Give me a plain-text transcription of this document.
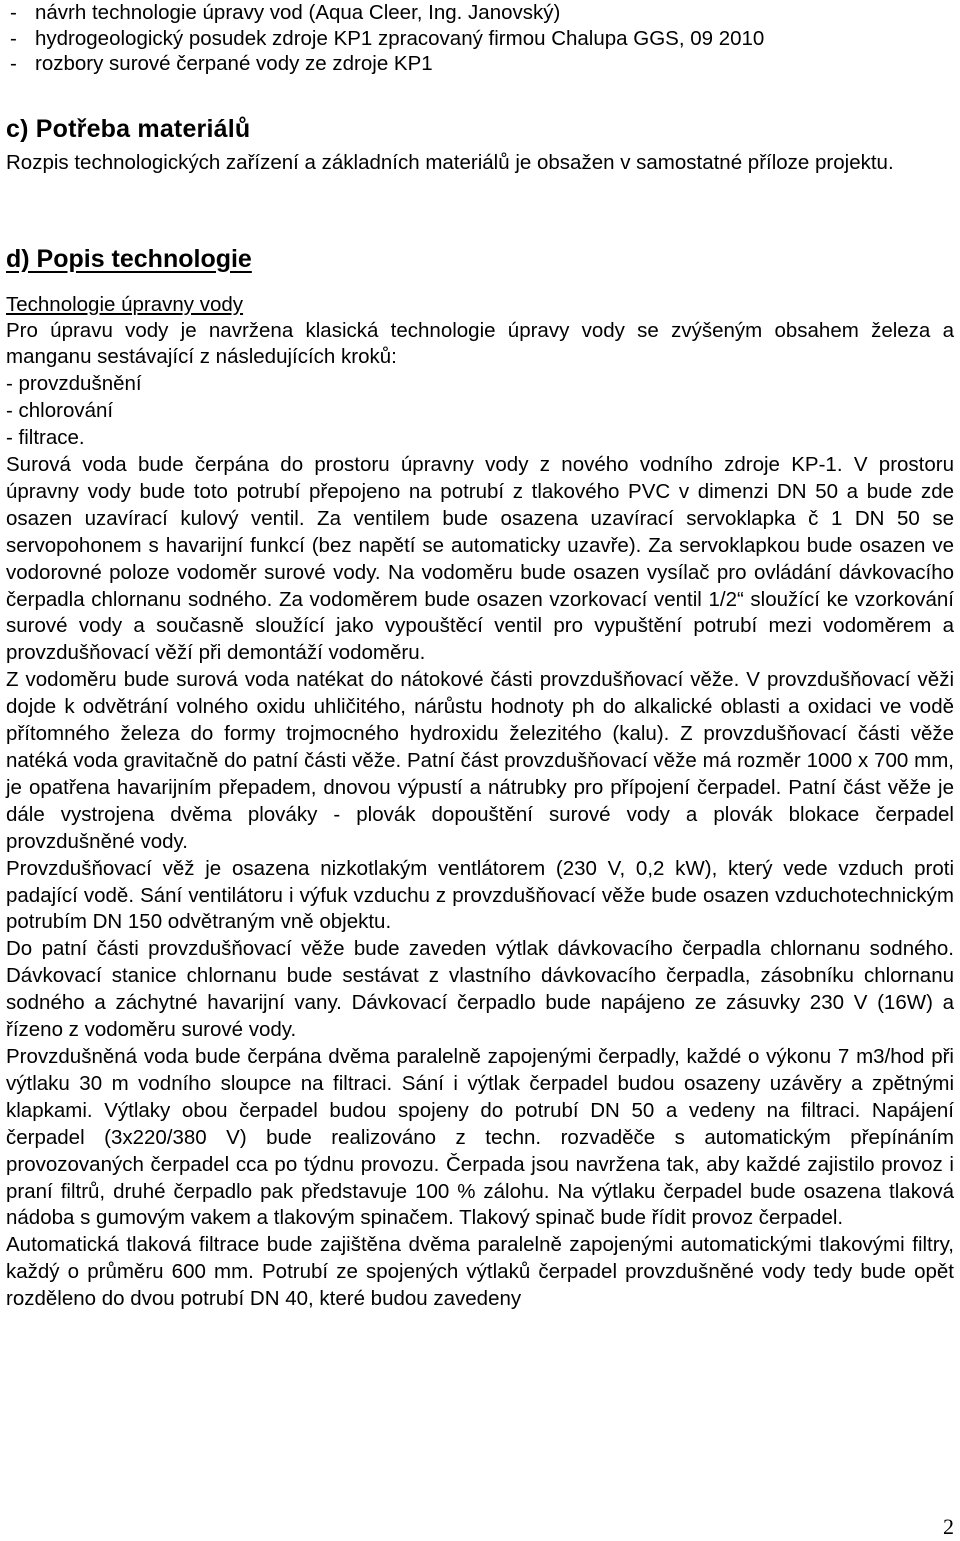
- návrh technologie úpravy vod (Aqua Cleer, Ing. Janovský)
- hydrogeologický posudek zdroje KP1 zpracovaný firmou Chalupa GGS, 09 2010
- rozbory surové čerpané vody ze zdroje KP1
c) Potřeba materiálů

Rozpis technologických zařízení a základních materiálů je obsažen v samostatné příloze projektu.

d) Popis technologie

Technologie úpravny vody

Pro úpravu vody je navržena klasická technologie úpravy vody se zvýšeným obsahem železa a manganu sestávající z následujících kroků:

- provzdušnění
- chlorování
- filtrace.

Surová voda bude čerpána do prostoru úpravny vody z nového vodního zdroje KP-1. V prostoru úpravny vody bude toto potrubí přepojeno na potrubí z tlakového PVC v dimenzi DN 50 a bude zde osazen uzavírací kulový ventil. Za ventilem bude osazena uzavírací servoklapka č 1 DN 50 se servopohonem s havarijní funkcí (bez napětí se automaticky uzavře). Za servoklapkou bude osazen ve vodorovné poloze vodoměr surové vody. Na vodoměru bude osazen vysílač pro ovládání dávkovacího čerpadla chlornanu sodného. Za vodoměrem bude osazen vzorkovací ventil 1/2“ sloužící ke vzorkování surové vody a současně sloužící jako vypouštěcí ventil pro vypuštění potrubí mezi vodoměrem a provzdušňovací věží při demontáží vodoměru.

Z vodoměru bude surová voda natékat do nátokové části provzdušňovací věže. V provzdušňovací věži dojde k odvětrání volného oxidu uhličitého, nárůstu hodnoty ph do alkalické oblasti a oxidaci ve vodě přítomného železa do formy trojmocného hydroxidu železitého (kalu). Z provzdušňovací části věže natéká voda gravitačně do patní části věže. Patní část provzdušňovací věže má rozměr 1000 x 700 mm, je opatřena havarijním přepadem, dnovou výpustí a nátrubky pro přípojení čerpadel. Patní část věže je dále vystrojena dvěma plováky - plovák dopouštění surové vody a plovák blokace čerpadel provzdušněné vody.

Provzdušňovací věž je osazena nizkotlakým ventlátorem (230 V, 0,2 kW), který vede vzduch proti padající vodě. Sání ventilátoru i výfuk vzduchu z provzdušňovací věže bude osazen vzduchotechnickým potrubím DN 150 odvětraným vně objektu.

Do patní části provzdušňovací věže bude zaveden výtlak dávkovacího čerpadla chlornanu sodného. Dávkovací stanice chlornanu bude sestávat z vlastního dávkovacího čerpadla, zásobníku chlornanu sodného a záchytné havarijní vany. Dávkovací čerpadlo bude napájeno ze zásuvky 230 V (16W) a řízeno z vodoměru surové vody.

Provzdušněná voda bude čerpána dvěma paralelně zapojenými čerpadly, každé o výkonu 7 m3/hod při výtlaku 30 m vodního sloupce na filtraci. Sání i výtlak čerpadel budou osazeny uzávěry a zpětnými klapkami. Výtlaky obou čerpadel budou spojeny do potrubí DN 50 a vedeny na filtraci. Napájení čerpadel (3x220/380 V) bude realizováno z techn. rozvaděče s automatickým přepínáním provozovaných čerpadel cca po týdnu provozu. Čerpada jsou navržena tak, aby každé zajistilo provoz i praní filtrů, druhé čerpadlo pak představuje 100 % zálohu. Na výtlaku čerpadel bude osazena tlaková nádoba s gumovým vakem a tlakovým spinačem. Tlakový spinač bude řídit provoz čerpadel.

Automatická tlaková filtrace bude zajištěna dvěma paralelně zapojenými automatickými tlakovými filtry, každý o průměru 600 mm. Potrubí ze spojených výtlaků čerpadel provzdušněné vody tedy bude opět rozděleno do dvou potrubí DN 40, které budou zavedeny

2
